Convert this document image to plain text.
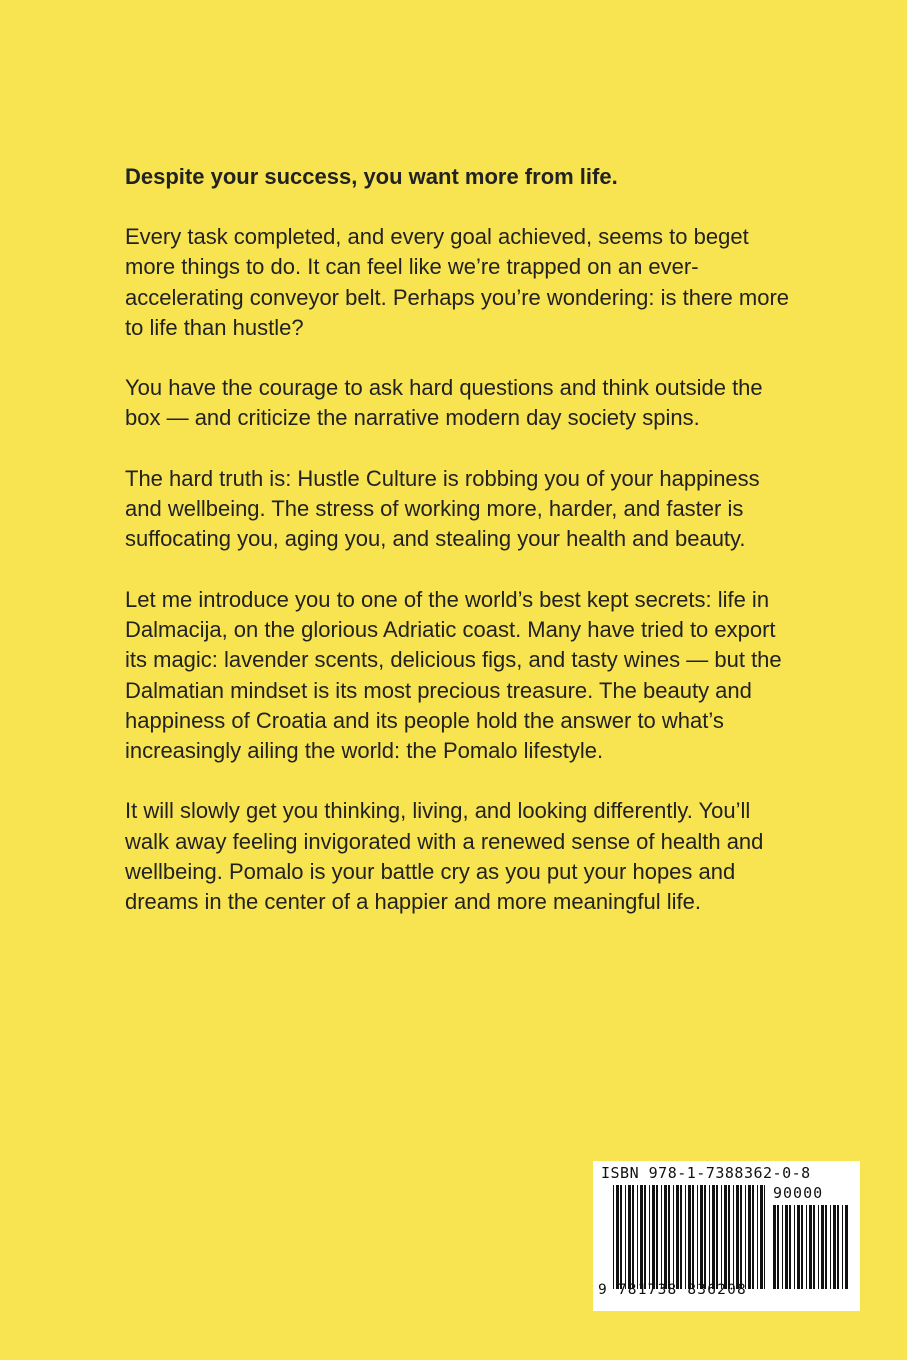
Despite your success, you want more from life.

Every task completed, and every goal achieved, seems to beget more things to do. It can feel like we’re trapped on an ever-accelerating conveyor belt. Perhaps you’re wondering: is there more to life than hustle?

You have the courage to ask hard questions and think outside the box — and criticize the narrative modern day society spins.

The hard truth is: Hustle Culture is robbing you of your happiness and wellbeing. The stress of working more, harder, and faster is suffocating you, aging you, and stealing your health and beauty.

Let me introduce you to one of the world’s best kept secrets: life in Dalmacija, on the glorious Adriatic coast. Many have tried to export its magic: lavender scents, delicious figs, and tasty wines — but the Dalmatian mindset is its most precious treasure. The beauty and happiness of Croatia and its people hold the answer to what’s increasingly ailing the world: the Pomalo lifestyle.

It will slowly get you thinking, living, and looking differently. You’ll walk away feeling invigorated with a renewed sense of health and wellbeing. Pomalo is your battle cry as you put your hopes and dreams in the center of a happier and more meaningful life.

ISBN 978-1-7388362-0-8
90000
9 781738 836208
